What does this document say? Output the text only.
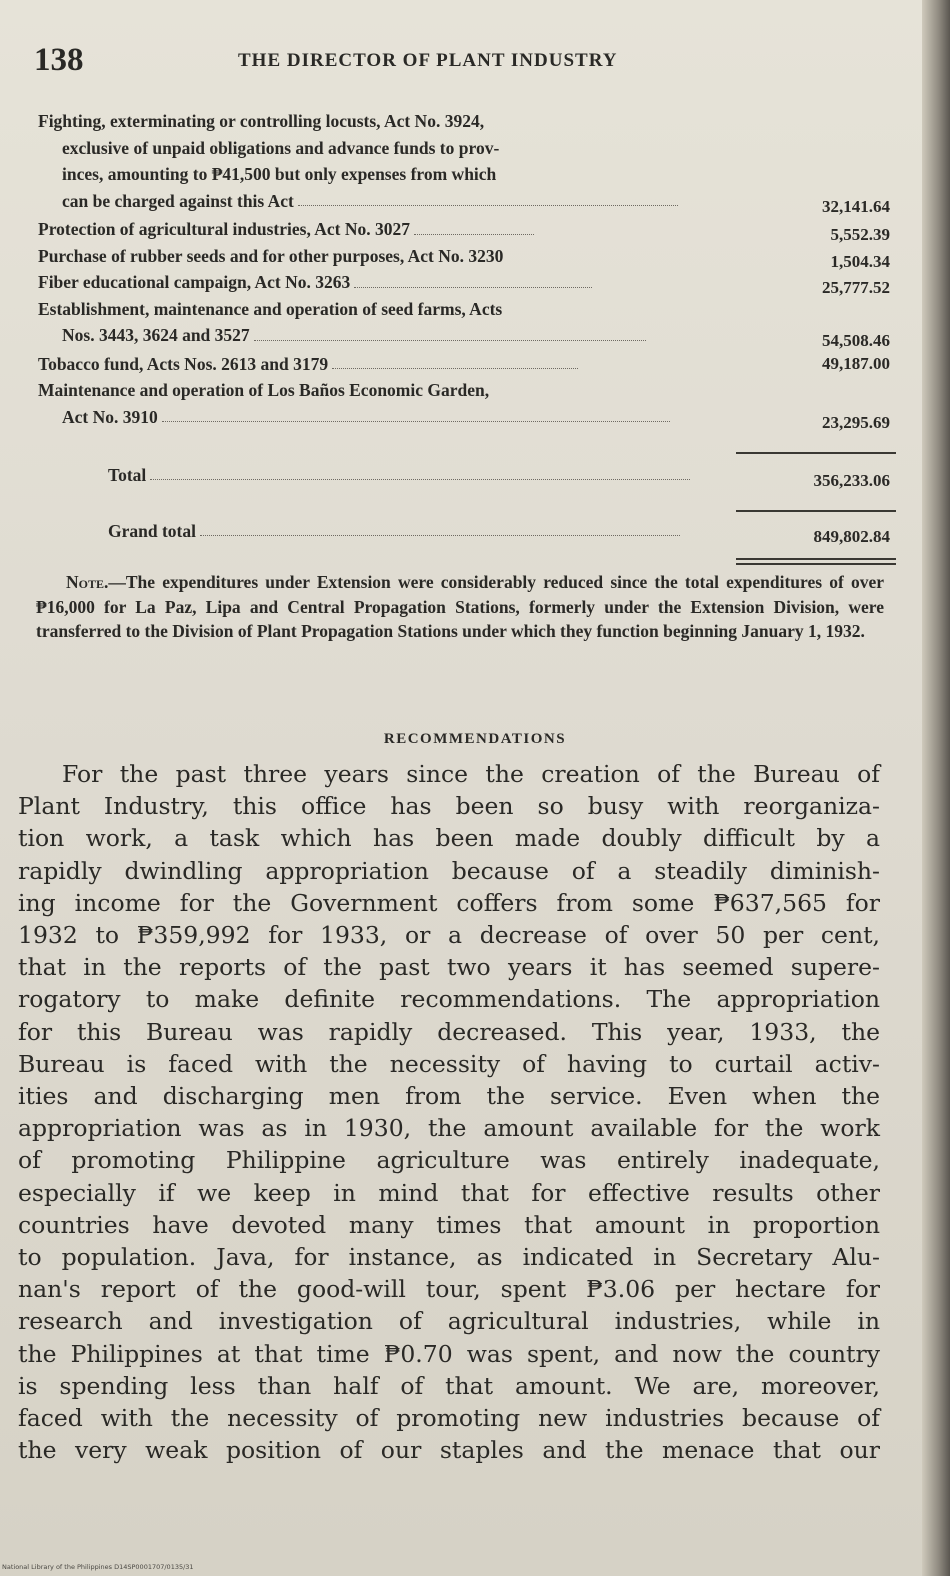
138	THE DIRECTOR OF PLANT INDUSTRY
Fighting, exterminating or controlling locusts, Act No. 3924,
exclusive of unpaid obligations and advance funds to prov-
inces, amounting to ₱41,500 but only expenses from which
can be charged against this Act	32,141.64
Protection of agricultural industries, Act No. 3027	5,552.39
Purchase of rubber seeds and for other purposes, Act No. 3230	1,504.34
Fiber educational campaign, Act No. 3263	25,777.52
Establishment, maintenance and operation of seed farms, Acts
Nos. 3443, 3624 and 3527	54,508.46
Tobacco fund, Acts Nos. 2613 and 3179	49,187.00
Maintenance and operation of Los Baños Economic Garden,
Act No. 3910	23,295.69
Total	356,233.06
Grand total	849,802.84

Note.—The expenditures under Extension were considerably reduced since the total expenditures of over ₱16,000 for La Paz, Lipa and Central Propagation Stations, formerly under the Extension Division, were transferred to the Division of Plant Propagation Stations under which they function beginning January 1, 1932.

RECOMMENDATIONS
For the past three years since the creation of the Bureau of
Plant Industry, this office has been so busy with reorganiza-
tion work, a task which has been made doubly difficult by a
rapidly dwindling appropriation because of a steadily diminish-
ing income for the Government coffers from some ₱637,565 for
1932 to ₱359,992 for 1933, or a decrease of over 50 per cent,
that in the reports of the past two years it has seemed supere-
rogatory to make definite recommendations. The appropriation
for this Bureau was rapidly decreased. This year, 1933, the
Bureau is faced with the necessity of having to curtail activ-
ities and discharging men from the service. Even when the
appropriation was as in 1930, the amount available for the work
of promoting Philippine agriculture was entirely inadequate,
especially if we keep in mind that for effective results other
countries have devoted many times that amount in proportion
to population. Java, for instance, as indicated in Secretary Alu-
nan's report of the good-will tour, spent ₱3.06 per hectare for
research and investigation of agricultural industries, while in
the Philippines at that time ₱0.70 was spent, and now the country
is spending less than half of that amount. We are, moreover,
faced with the necessity of promoting new industries because of
the very weak position of our staples and the menace that our
National Library of the Philippines D14SP0001707/0135/31
